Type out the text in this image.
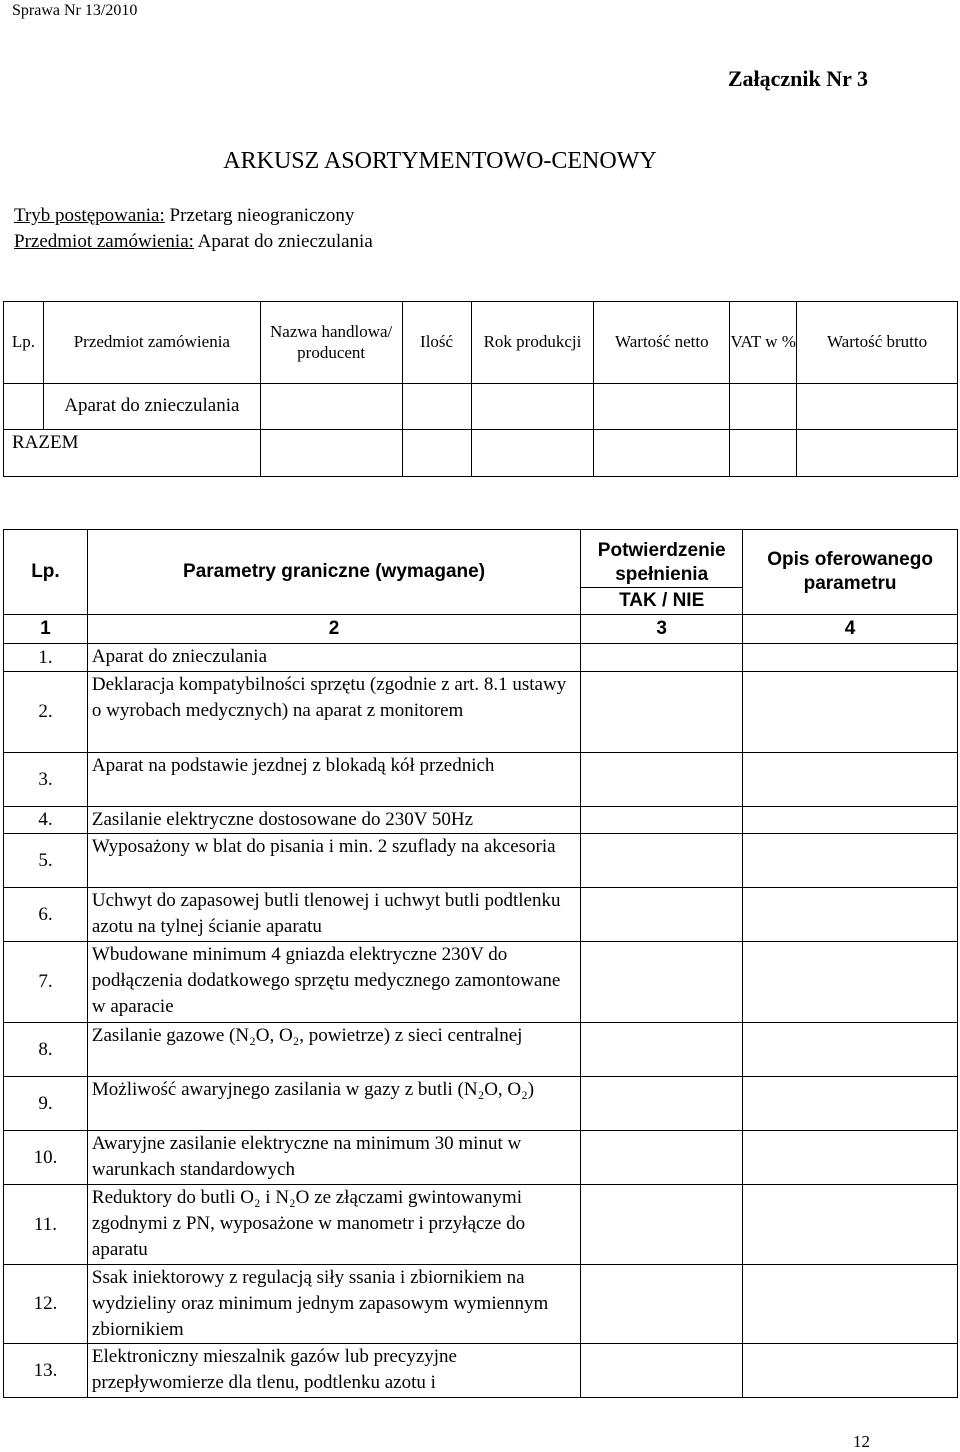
Sprawa Nr 13/2010
Załącznik Nr 3
ARKUSZ ASORTYMENTOWO-CENOWY
Tryb postępowania: Przetarg nieograniczony
Przedmiot zamówienia: Aparat do znieczulania
Lp.	Przedmiot zamówienia	Nazwa handlowa/ producent	Ilość	Rok produkcji	Wartość netto	VAT w %	Wartość brutto
	Aparat do znieczulania						
RAZEM							
Lp.	Parametry graniczne (wymagane)	Potwierdzenie spełnienia	Opis oferowanego parametru
		TAK / NIE	
1	2	3	4
1.	Aparat do znieczulania		
2.	Deklaracja kompatybilności sprzętu (zgodnie z art. 8.1 ustawy o wyrobach medycznych) na aparat z monitorem		
3.	Aparat na podstawie jezdnej z blokadą kół przednich		
4.	Zasilanie elektryczne dostosowane do 230V 50Hz		
5.	Wyposażony w blat do pisania i min. 2 szuflady na akcesoria		
6.	Uchwyt do zapasowej butli tlenowej i uchwyt butli podtlenku azotu na tylnej ścianie aparatu		
7.	Wbudowane minimum 4 gniazda elektryczne 230V do podłączenia dodatkowego sprzętu medycznego zamontowane w aparacie		
8.	Zasilanie gazowe (N₂O, O₂, powietrze) z sieci centralnej		
9.	Możliwość awaryjnego zasilania w gazy z butli (N₂O, O₂)		
10.	Awaryjne zasilanie elektryczne na minimum 30 minut w warunkach standardowych		
11.	Reduktory do butli O₂ i N₂O ze złączami gwintowanymi zgodnymi z PN, wyposażone w manometr i przyłącze do aparatu		
12.	Ssak iniektorowy z regulacją siły ssania i zbiornikiem na wydzieliny oraz minimum jednym zapasowym wymiennym zbiornikiem		
13.	Elektroniczny mieszalnik gazów lub precyzyjne przepływomierze dla tlenu, podtlenku azotu i		
12
